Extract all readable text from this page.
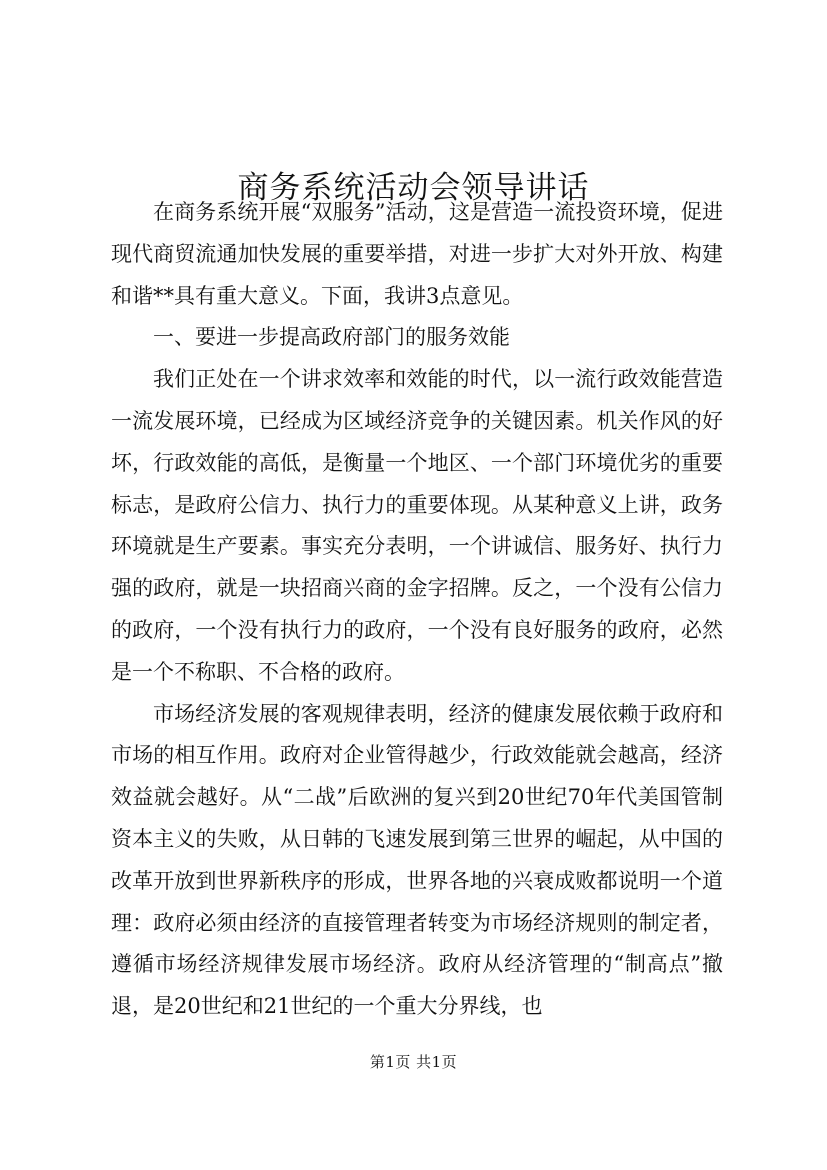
商务系统活动会领导讲话

在商务系统开展“双服务”活动，这是营造一流投资环境，促进现代商贸流通加快发展的重要举措，对进一步扩大对外开放、构建和谐**具有重大意义。下面，我讲3点意见。

一、要进一步提高政府部门的服务效能

我们正处在一个讲求效率和效能的时代，以一流行政效能营造一流发展环境，已经成为区域经济竞争的关键因素。机关作风的好坏，行政效能的高低，是衡量一个地区、一个部门环境优劣的重要标志，是政府公信力、执行力的重要体现。从某种意义上讲，政务环境就是生产要素。事实充分表明，一个讲诚信、服务好、执行力强的政府，就是一块招商兴商的金字招牌。反之，一个没有公信力的政府，一个没有执行力的政府，一个没有良好服务的政府，必然是一个不称职、不合格的政府。

市场经济发展的客观规律表明，经济的健康发展依赖于政府和市场的相互作用。政府对企业管得越少，行政效能就会越高，经济效益就会越好。从“二战”后欧洲的复兴到20世纪70年代美国管制资本主义的失败，从日韩的飞速发展到第三世界的崛起，从中国的改革开放到世界新秩序的形成，世界各地的兴衰成败都说明一个道理：政府必须由经济的直接管理者转变为市场经济规则的制定者，遵循市场经济规律发展市场经济。政府从经济管理的“制高点”撤退，是20世纪和21世纪的一个重大分界线，也

第1页 共1页
